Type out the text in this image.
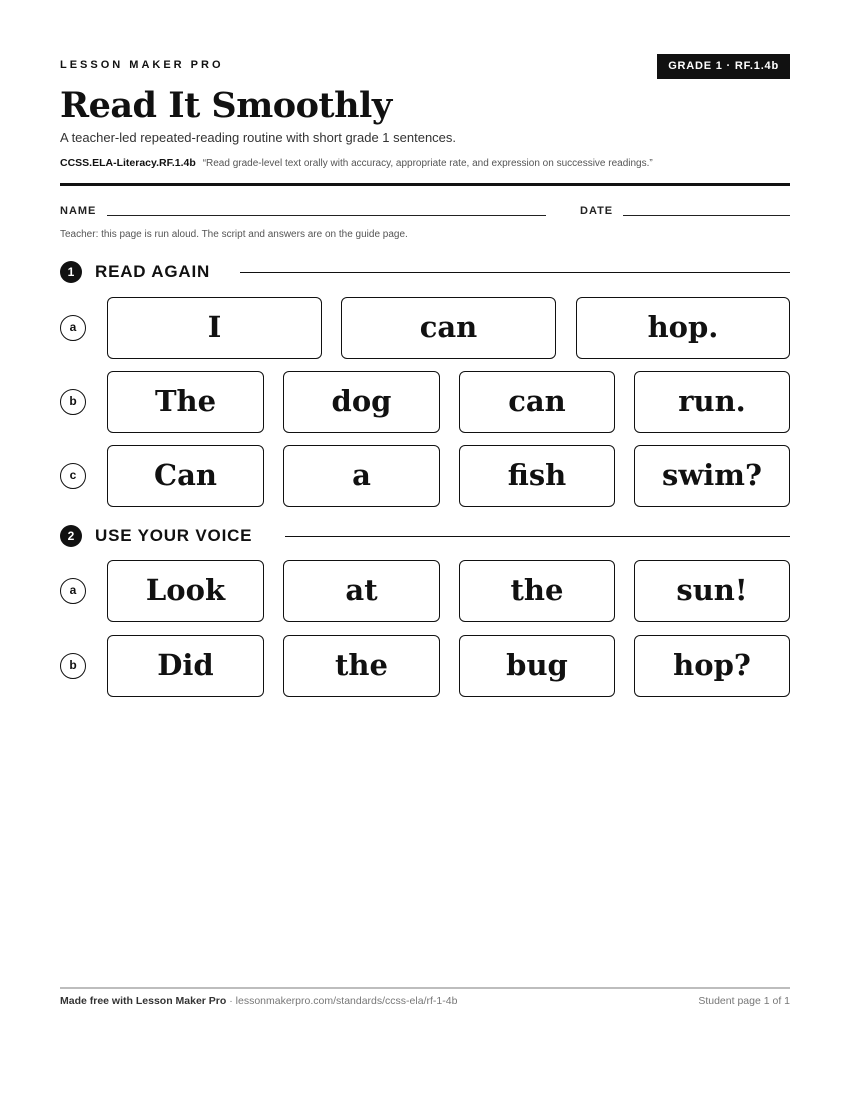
LESSON MAKER PRO	GRADE 1 · RF.1.4b
Read It Smoothly
A teacher-led repeated-reading routine with short grade 1 sentences.
CCSS.ELA-Literacy.RF.1.4b “Read grade-level text orally with accuracy, appropriate rate, and expression on successive readings.”
NAME	DATE
Teacher: this page is run aloud. The script and answers are on the guide page.
1	READ AGAIN
a	I	can	hop.
b	The	dog	can	run.
c	Can	a	fish	swim?
2	USE YOUR VOICE
a	Look	at	the	sun!
b	Did	the	bug	hop?
Made free with Lesson Maker Pro · lessonmakerpro.com/standards/ccss-ela/rf-1-4b	Student page 1 of 1
